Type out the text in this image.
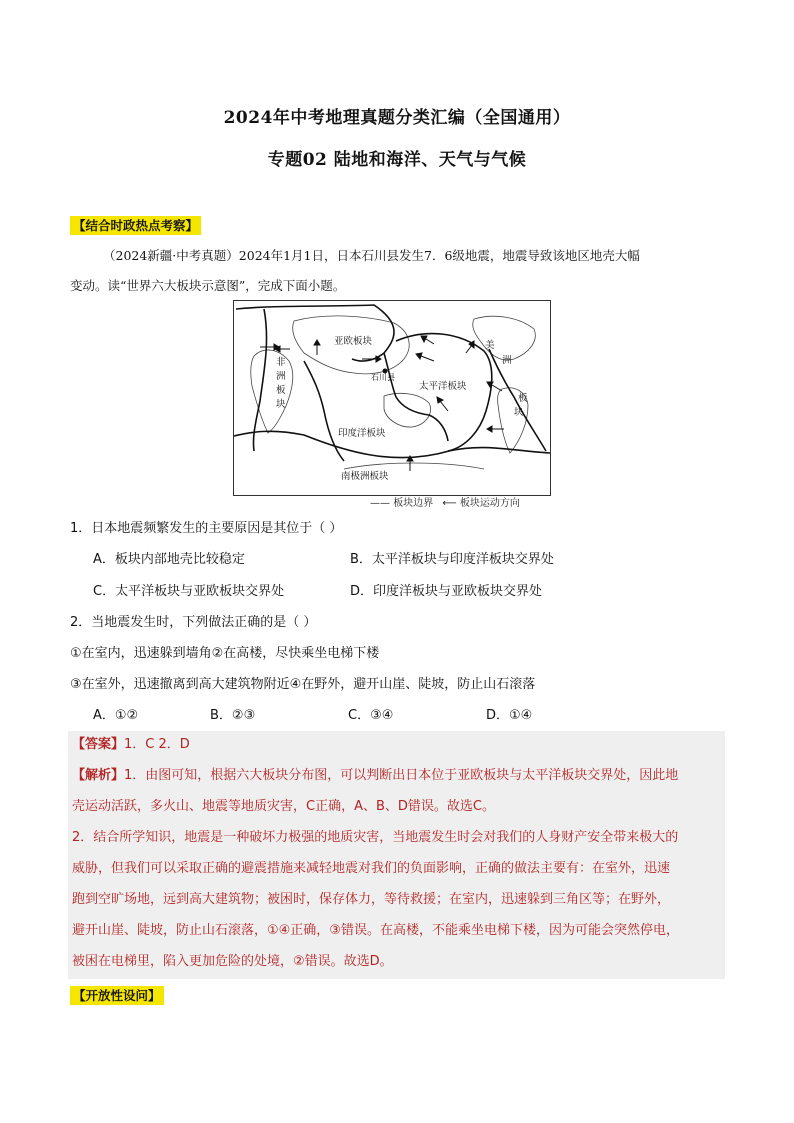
2024年中考地理真题分类汇编（全国通用）
专题02 陆地和海洋、天气与气候
【结合时政热点考察】
（2024新疆·中考真题）2024年1月1日，日本石川县发生7．6级地震，地震导致该地区地壳大幅
变动。读“世界六大板块示意图”，完成下面小题。
亚欧板块
非
洲
板
块
石川县
太平洋板块
印度洋板块
南极洲板块
美
洲
板
块
—— 板块边界 ⟵ 板块运动方向
1．日本地震频繁发生的主要原因是其位于（ ）
A．板块内部地壳比较稳定	B．太平洋板块与印度洋板块交界处
C．太平洋板块与亚欧板块交界处	D．印度洋板块与亚欧板块交界处
2．当地震发生时，下列做法正确的是（ ）
①在室内，迅速躲到墙角②在高楼，尽快乘坐电梯下楼
③在室外，迅速撤离到高大建筑物附近④在野外，避开山崖、陡坡，防止山石滚落
A．①②	B．②③	C．③④	D．①④
【答案】1．C 2．D
【解析】1．由图可知，根据六大板块分布图，可以判断出日本位于亚欧板块与太平洋板块交界处，因此地
壳运动活跃，多火山、地震等地质灾害，C正确，A、B、D错误。故选C。
2．结合所学知识，地震是一种破坏力极强的地质灾害，当地震发生时会对我们的人身财产安全带来极大的
威胁，但我们可以采取正确的避震措施来减轻地震对我们的负面影响，正确的做法主要有：在室外，迅速
跑到空旷场地，远到高大建筑物；被困时，保存体力，等待救援；在室内，迅速躲到三角区等；在野外，
避开山崖、陡坡，防止山石滚落，①④正确，③错误。在高楼，不能乘坐电梯下楼，因为可能会突然停电，
被困在电梯里，陷入更加危险的处境，②错误。故选D。
【开放性设问】
